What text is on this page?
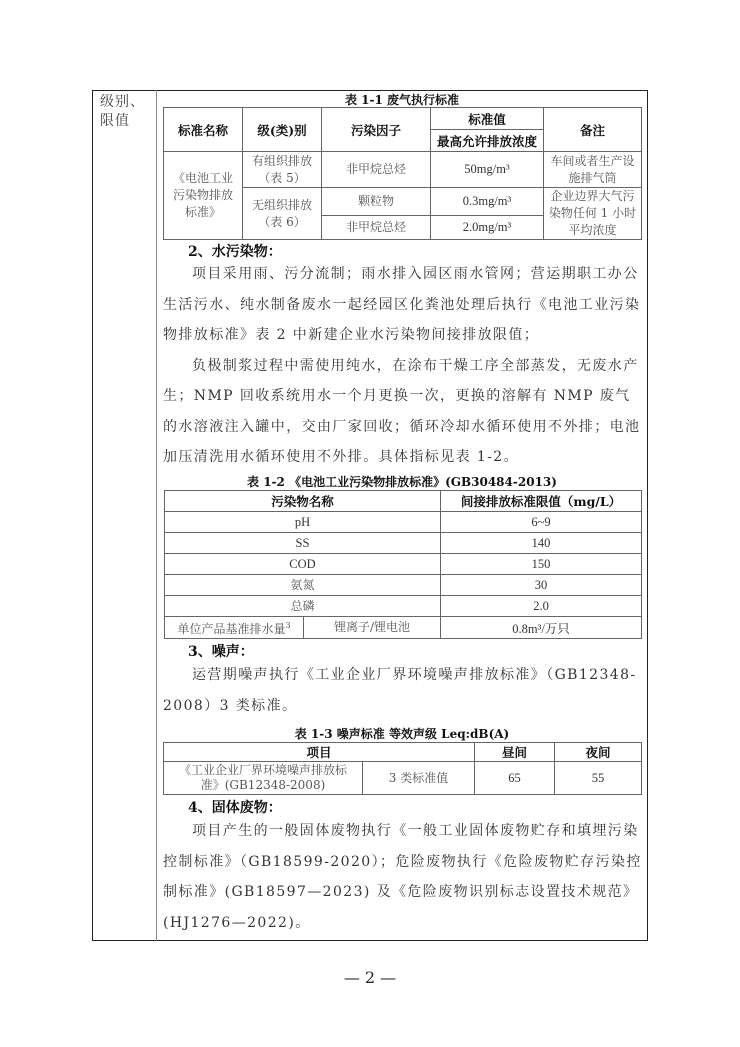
级别、
限值
表 1-1 废气执行标准
标准名称	级(类)别	污染因子	标准值	备注
			最高允许排放浓度	
《电池工业污染物排放标准》	有组织排放（表 5）	非甲烷总烃	50mg/m³	车间或者生产设施排气筒
	无组织排放（表 6）	颗粒物	0.3mg/m³	企业边界大气污染物任何 1 小时平均浓度
		非甲烷总烃	2.0mg/m³	
2、水污染物：

项目采用雨、污分流制；雨水排入园区雨水管网；营运期职工办公生活污水、纯水制备废水一起经园区化粪池处理后执行《电池工业污染物排放标准》表 2 中新建企业水污染物间接排放限值；

负极制浆过程中需使用纯水，在涂布干燥工序全部蒸发，无废水产生；NMP 回收系统用水一个月更换一次，更换的溶解有 NMP 废气的水溶液注入罐中，交由厂家回收；循环冷却水循环使用不外排；电池加压清洗用水循环使用不外排。具体指标见表 1-2。

表 1-2 《电池工业污染物排放标准》(GB30484-2013)
污染物名称		间接排放标准限值（mg/L）
pH		6~9
SS		140
COD		150
氨氮		30
总磷		2.0
单位产品基准排水量$^3$	锂离子/锂电池	0.8m³/万只
3、噪声：

运营期噪声执行《工业企业厂界环境噪声排放标准》（GB12348-2008）3 类标准。

表 1-3 噪声标准 等效声级 Leq:dB(A)
项目		昼间	夜间
《工业企业厂界环境噪声排放标准》(GB12348-2008)	3 类标准值	65	55
4、固体废物：

项目产生的一般固体废物执行《一般工业固体废物贮存和填埋污染控制标准》（GB18599-2020）；危险废物执行《危险废物贮存污染控制标准》(GB18597—2023) 及《危险废物识别标志设置技术规范》(HJ1276—2022)。

— 2 —
